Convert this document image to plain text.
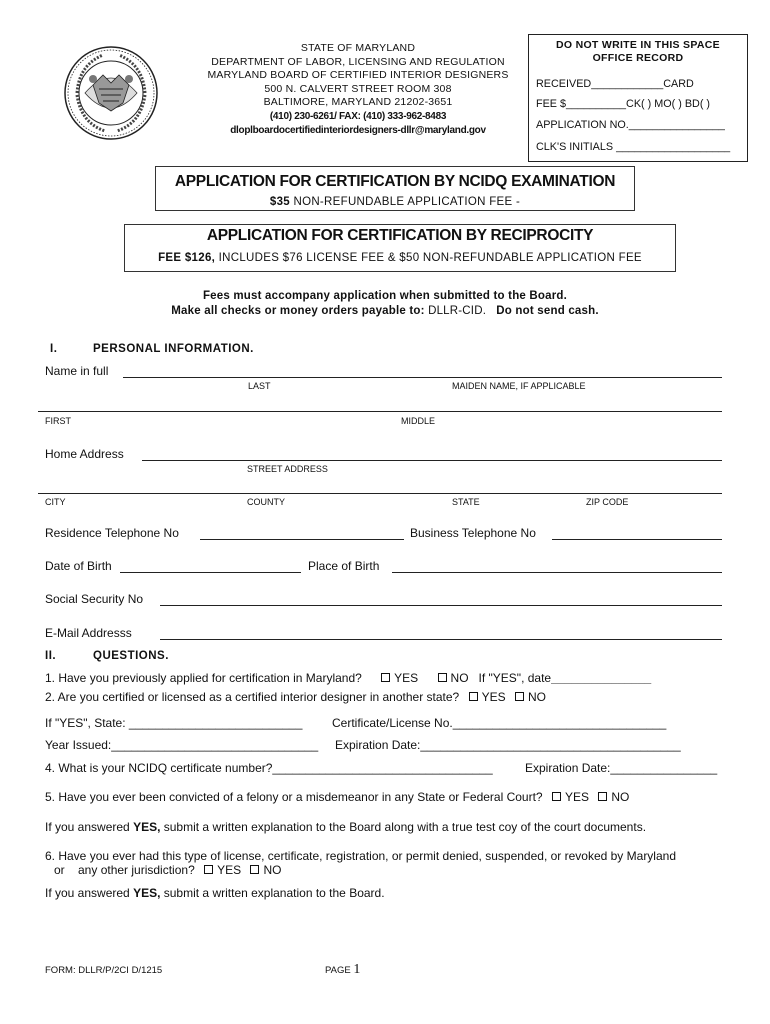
STATE OF MARYLAND
DEPARTMENT OF LABOR, LICENSING AND REGULATION
MARYLAND BOARD OF CERTIFIED INTERIOR DESIGNERS
500 N. CALVERT STREET ROOM 308
BALTIMORE, MARYLAND 21202-3651
(410) 230-6261/ FAX: (410) 333-962-8483
dloplboardocertifiedinteriordesigners-dllr@maryland.gov
DO NOT WRITE IN THIS SPACE
OFFICE RECORD
RECEIVED____________CARD
FEE $__________CK( ) MO( ) BD( )
APPLICATION NO.________________
CLK'S INITIALS ___________________
APPLICATION FOR CERTIFICATION BY NCIDQ EXAMINATION
$35 NON-REFUNDABLE APPLICATION FEE -
APPLICATION FOR CERTIFICATION BY RECIPROCITY
FEE $126, INCLUDES $76 LICENSE FEE & $50 NON-REFUNDABLE APPLICATION FEE
Fees must accompany application when submitted to the Board.
Make all checks or money orders payable to: DLLR-CID.   Do not send cash.
I.	PERSONAL INFORMATION.
Name in full
LAST	MAIDEN NAME, IF APPLICABLE
FIRST	MIDDLE
Home Address
STREET ADDRESS
CITY	COUNTY	STATE	ZIP CODE
Residence Telephone No	Business Telephone No
Date of Birth	Place of Birth
Social Security No
E-Mail Addresss
II.	QUESTIONS.
1. Have you previously applied for certification in Maryland?	YES	NO   If "YES", date_______________
2. Are you certified or licensed as a certified interior designer in another state? YES NO
If "YES", State: __________________________ Certificate/License No.________________________________
Year Issued:_______________________________ Expiration Date:_______________________________________
4. What is your NCIDQ certificate number?_________________________________	Expiration Date:________________
5. Have you ever been convicted of a felony or a misdemeanor in any State or Federal Court? YES NO
If you answered YES, submit a written explanation to the Board along with a true test coy of the court documents.
6. Have you ever had this type of license, certificate, registration, or permit denied, suspended, or revoked by Maryland
or    any other jurisdiction? YES NO
If you answered YES, submit a written explanation to the Board.
FORM: DLLR/P/2CI D/1215	PAGE 1
